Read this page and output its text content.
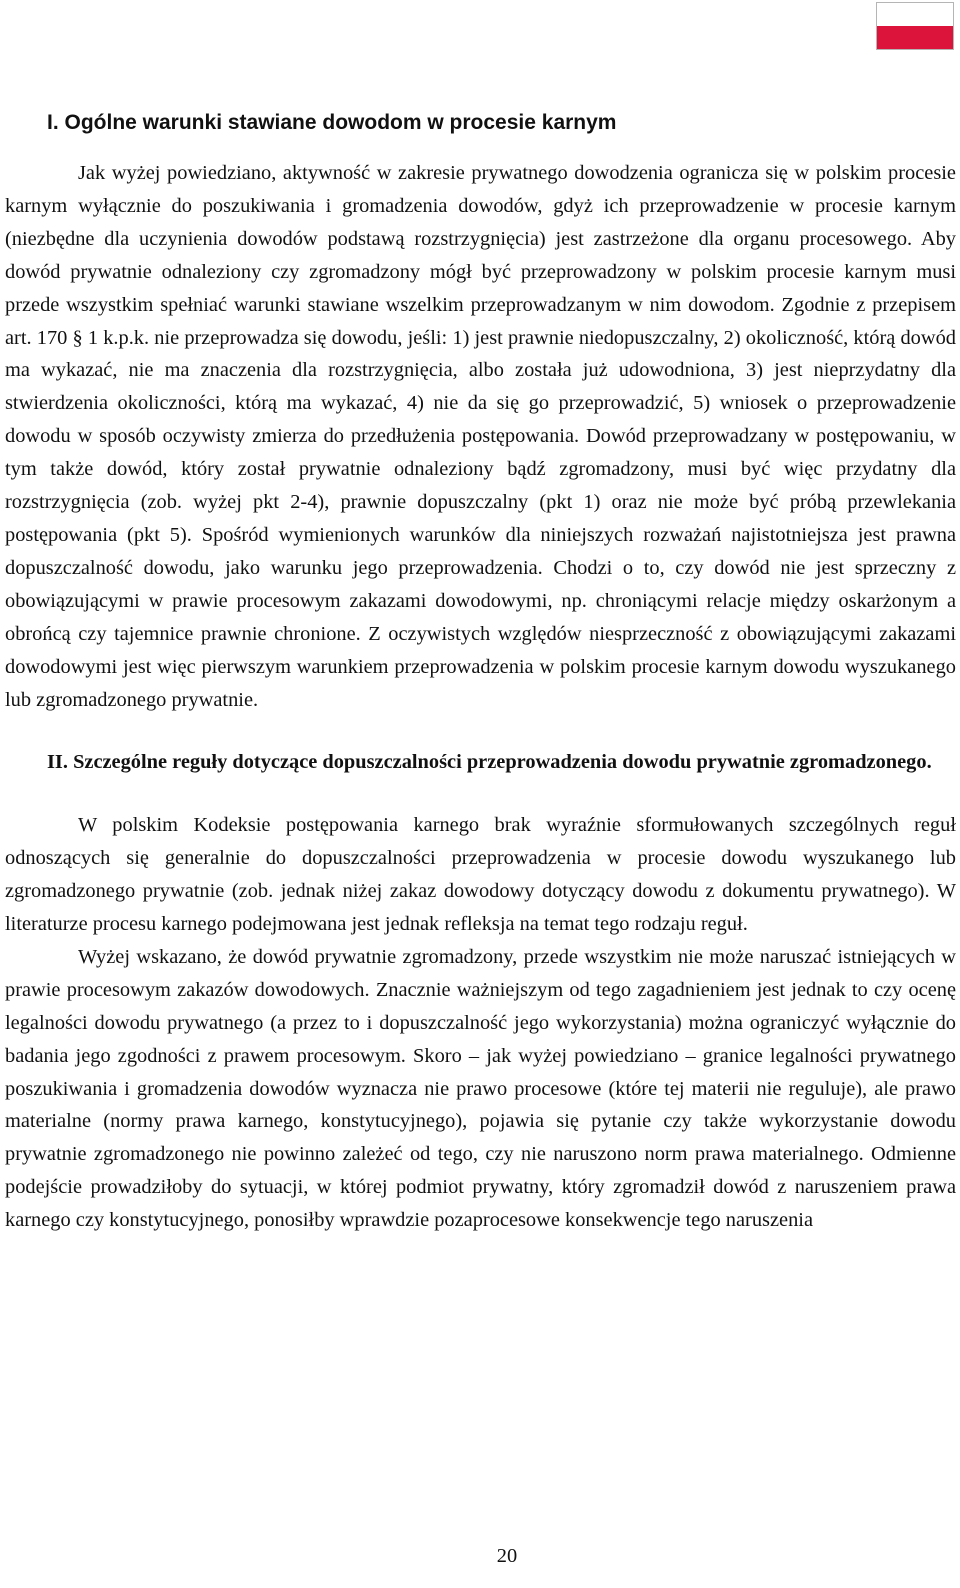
I. Ogólne warunki stawiane dowodom w procesie karnym

Jak wyżej powiedziano, aktywność w zakresie prywatnego dowodzenia ogranicza się w polskim procesie karnym wyłącznie do poszukiwania i gromadzenia dowodów, gdyż ich przeprowadzenie w procesie karnym (niezbędne dla uczynienia dowodów podstawą rozstrzygnięcia) jest zastrzeżone dla organu procesowego. Aby dowód prywatnie odnaleziony czy zgromadzony mógł być przeprowadzony w polskim procesie karnym musi przede wszystkim spełniać warunki stawiane wszelkim przeprowadzanym w nim dowodom. Zgodnie z przepisem art. 170 § 1 k.p.k. nie przeprowadza się dowodu, jeśli: 1) jest prawnie niedopuszczalny, 2) okoliczność, którą dowód ma wykazać, nie ma znaczenia dla rozstrzygnięcia, albo została już udowodniona, 3) jest nieprzydatny dla stwierdzenia okoliczności, którą ma wykazać, 4) nie da się go przeprowadzić, 5) wniosek o przeprowadzenie dowodu w sposób oczywisty zmierza do przedłużenia postępowania. Dowód przeprowadzany w postępowaniu, w tym także dowód, który został prywatnie odnaleziony bądź zgromadzony, musi być więc przydatny dla rozstrzygnięcia (zob. wyżej pkt 2-4), prawnie dopuszczalny (pkt 1) oraz nie może być próbą przewlekania postępowania (pkt 5). Spośród wymienionych warunków dla niniejszych rozważań najistotniejsza jest prawna dopuszczalność dowodu, jako warunku jego przeprowadzenia. Chodzi o to, czy dowód nie jest sprzeczny z obowiązującymi w prawie procesowym zakazami dowodowymi, np. chroniącymi relacje między oskarżonym a obrońcą czy tajemnice prawnie chronione. Z oczywistych względów niesprzeczność z obowiązującymi zakazami dowodowymi jest więc pierwszym warunkiem przeprowadzenia w polskim procesie karnym dowodu wyszukanego lub zgromadzonego prywatnie.

II. Szczególne reguły dotyczące dopuszczalności przeprowadzenia dowodu prywatnie zgromadzonego.

W polskim Kodeksie postępowania karnego brak wyraźnie sformułowanych szczególnych reguł odnoszących się generalnie do dopuszczalności przeprowadzenia w procesie dowodu wyszukanego lub zgromadzonego prywatnie (zob. jednak niżej zakaz dowodowy dotyczący dowodu z dokumentu prywatnego). W literaturze procesu karnego podejmowana jest jednak refleksja na temat tego rodzaju reguł.

Wyżej wskazano, że dowód prywatnie zgromadzony, przede wszystkim nie może naruszać istniejących w prawie procesowym zakazów dowodowych. Znacznie ważniejszym od tego zagadnieniem jest jednak to czy ocenę legalności dowodu prywatnego (a przez to i dopuszczalność jego wykorzystania) można ograniczyć wyłącznie do badania jego zgodności z prawem procesowym. Skoro – jak wyżej powiedziano – granice legalności prywatnego poszukiwania i gromadzenia dowodów wyznacza nie prawo procesowe (które tej materii nie reguluje), ale prawo materialne (normy prawa karnego, konstytucyjnego), pojawia się pytanie czy także wykorzystanie dowodu prywatnie zgromadzonego nie powinno zależeć od tego, czy nie naruszono norm prawa materialnego. Odmienne podejście prowadziłoby do sytuacji, w której podmiot prywatny, który zgromadził dowód z naruszeniem prawa karnego czy konstytucyjnego, ponosiłby wprawdzie pozaprocesowe konsekwencje tego naruszenia

20
